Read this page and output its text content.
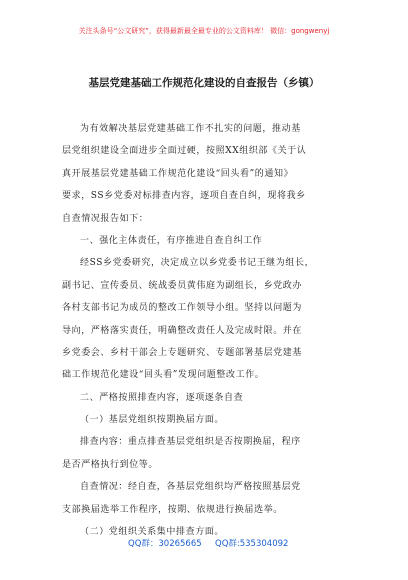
关注头条号“公文研究”，获得最新最全最专业的公文资料库！ 微信：gongwenyj
基层党建基础工作规范化建设的自查报告（乡镇）
为有效解决基层党建基础工作不扎实的问题，推动基
层党组织建设全面进步全面过硬，按照XX组织部《关于认
真开展基层党建基础工作规范化建设“回头看”的通知》
要求，SS乡党委对标排查内容，逐项自查自纠，现将我乡
自查情况报告如下：
一、强化主体责任，有序推进自查自纠工作
经SS乡党委研究，决定成立以乡党委书记王继为组长，
副书记、宣传委员、统战委员黄伟庭为副组长，乡党政办
各村支部书记为成员的整改工作领导小组。坚持以问题为
导向，严格落实责任，明确整改责任人及完成时限。并在
乡党委会、乡村干部会上专题研究、专题部署基层党建基
础工作规范化建设“回头看”发现问题整改工作。
二、严格按照排查内容，逐项逐条自查
（一）基层党组织按期换届方面。
排查内容：重点排查基层党组织是否按期换届，程序
是否严格执行到位等。
自查情况：经自查，各基层党组织均严格按照基层党
支部换届选举工作程序，按期、依规进行换届选举。
（二）党组织关系集中排查方面。
QQ群：30265665 QQ群:535304092
